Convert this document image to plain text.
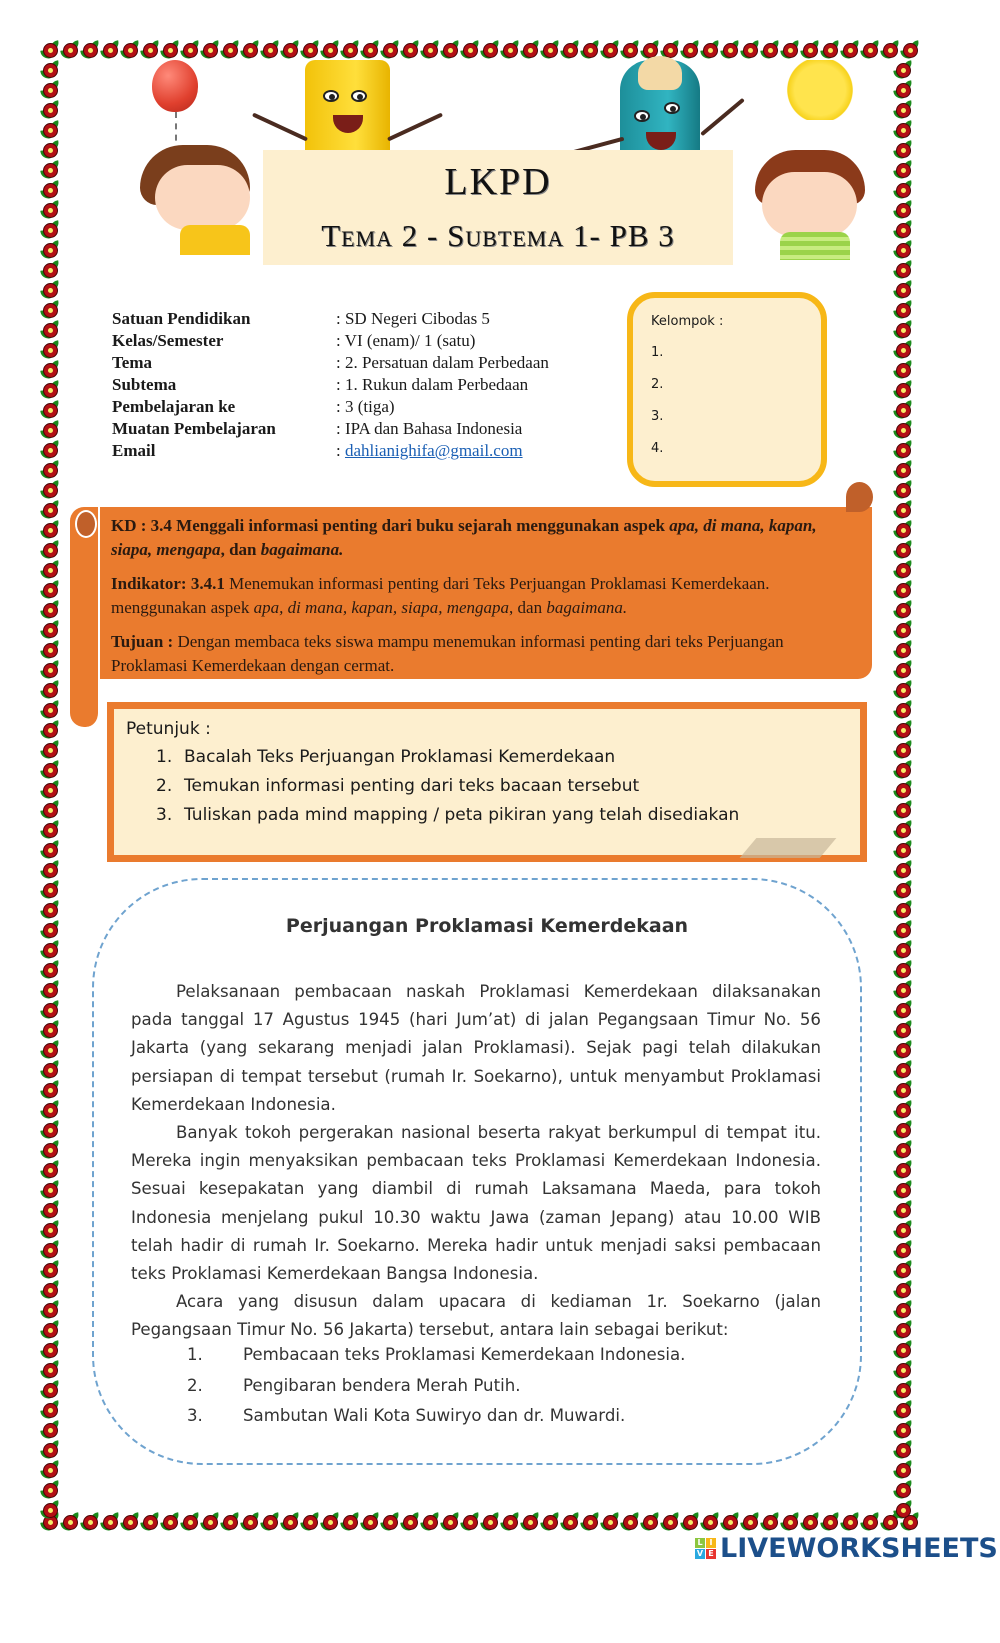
LKPD
Tema 2 - Subtema 1- PB 3
Satuan Pendidikan	: SD Negeri Cibodas 5
Kelas/Semester	: VI (enam)/ 1 (satu)
Tema	: 2. Persatuan dalam Perbedaan
Subtema	: 1. Rukun dalam Perbedaan
Pembelajaran ke	: 3 (tiga)
Muatan Pembelajaran	: IPA dan Bahasa Indonesia
Email	: dahlianighifa@gmail.com
Kelompok :
1.
2.
3.
4.

KD : 3.4 Menggali informasi penting dari buku sejarah menggunakan aspek apa, di mana, kapan, siapa, mengapa, dan bagaimana.

Indikator: 3.4.1 Menemukan informasi penting dari Teks Perjuangan Proklamasi Kemerdekaan. menggunakan aspek apa, di mana, kapan, siapa, mengapa, dan bagaimana.

Tujuan : Dengan membaca teks siswa mampu menemukan informasi penting dari teks Perjuangan Proklamasi Kemerdekaan dengan cermat.

Petunjuk :
1. Bacalah Teks Perjuangan Proklamasi Kemerdekaan
2. Temukan informasi penting dari teks bacaan tersebut
3. Tuliskan pada mind mapping / peta pikiran yang telah disediakan
Perjuangan Proklamasi Kemerdekaan

Pelaksanaan pembacaan naskah Proklamasi Kemerdekaan dilaksanakan pada tanggal 17 Agustus 1945 (hari Jum’at) di jalan Pegangsaan Timur No. 56 Jakarta (yang sekarang menjadi jalan Proklamasi). Sejak pagi telah dilakukan persiapan di tempat tersebut (rumah Ir. Soekarno), untuk menyambut Proklamasi Kemerdekaan Indonesia.

Banyak tokoh pergerakan nasional beserta rakyat berkumpul di tempat itu. Mereka ingin menyaksikan pembacaan teks Proklamasi Kemerdekaan Indonesia. Sesuai kesepakatan yang diambil di rumah Laksamana Maeda, para tokoh Indonesia menjelang pukul 10.30 waktu Jawa (zaman Jepang) atau 10.00 WIB telah hadir di rumah Ir. Soekarno. Mereka hadir untuk menjadi saksi pembacaan teks Proklamasi Kemerdekaan Bangsa Indonesia.

Acara yang disusun dalam upacara di kediaman 1r. Soekarno (jalan Pegangsaan Timur No. 56 Jakarta) tersebut, antara lain sebagai berikut:

1.	Pembacaan teks Proklamasi Kemerdekaan Indonesia.
2.	Pengibaran bendera Merah Putih.
3.	Sambutan Wali Kota Suwiryo dan dr. Muwardi.
L I
V E LIVEWORKSHEETS
